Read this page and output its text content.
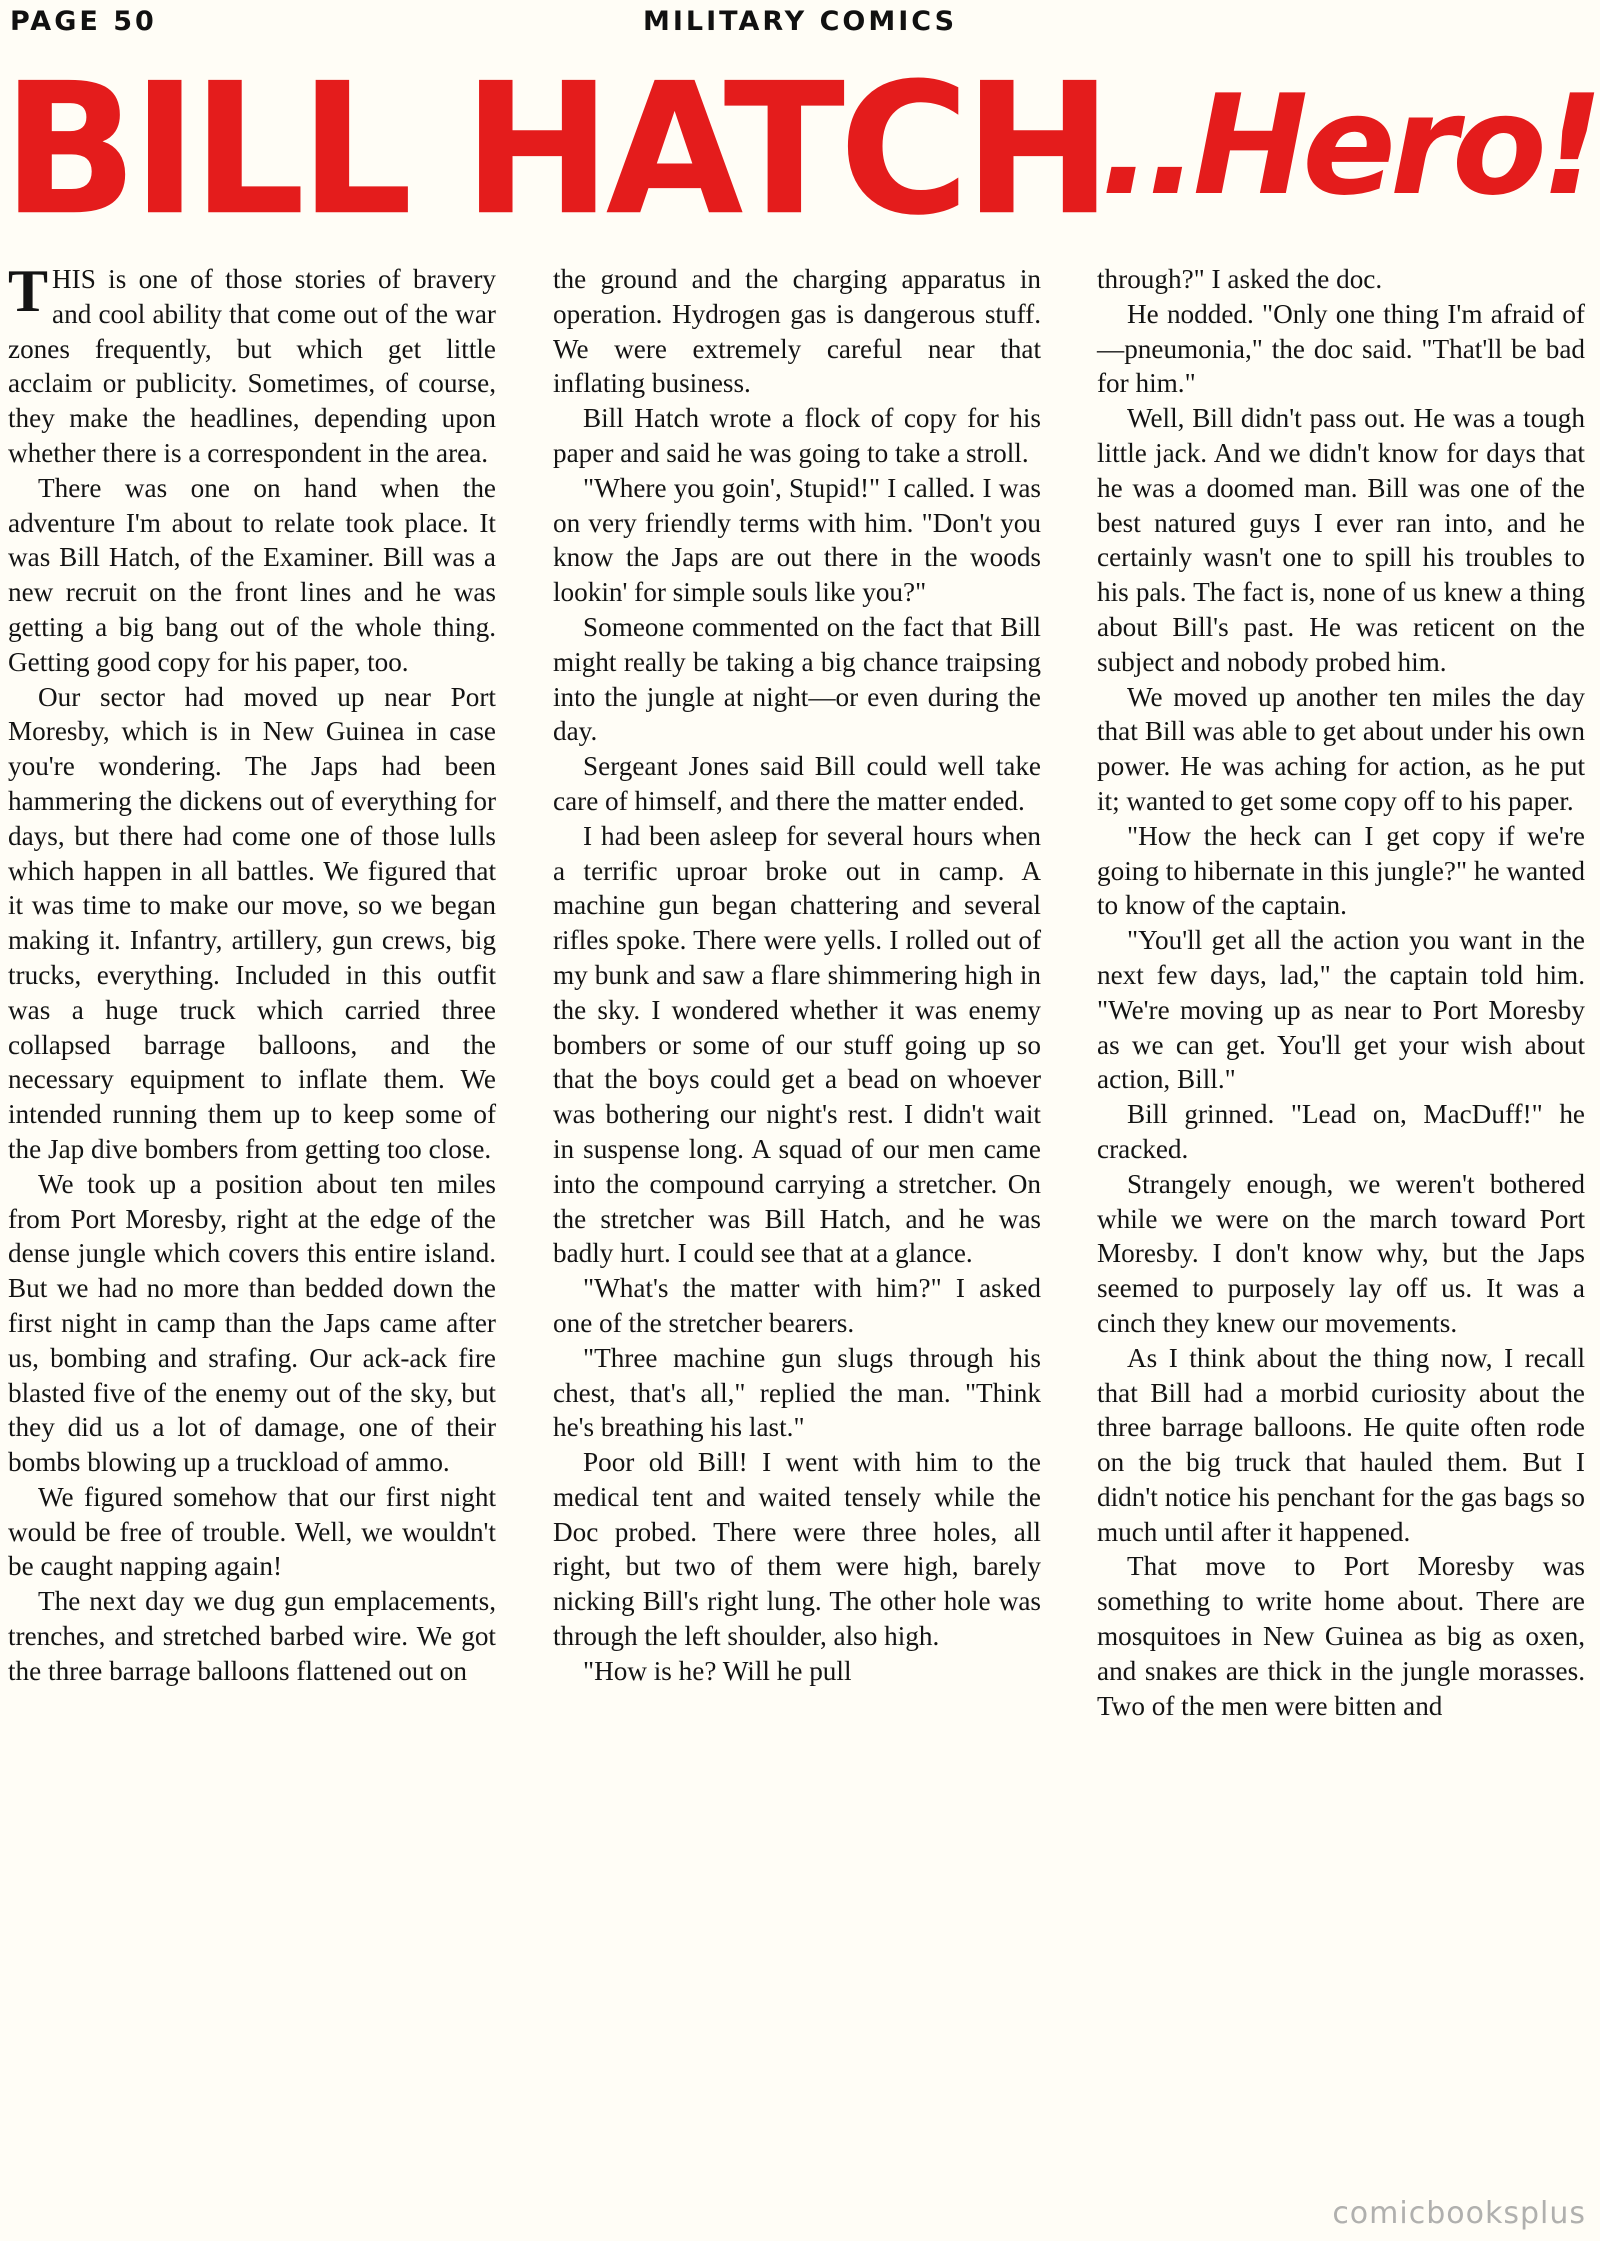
PAGE 50	MILITARY COMICS
BILL HATCH
..Hero!

THIS is one of those stories of bravery and cool ability that come out of the war zones frequently, but which get little acclaim or publicity. Sometimes, of course, they make the headlines, depending upon whether there is a correspondent in the area.

There was one on hand when the adventure I'm about to relate took place. It was Bill Hatch, of the Examiner. Bill was a new recruit on the front lines and he was getting a big bang out of the whole thing. Getting good copy for his paper, too.

Our sector had moved up near Port Moresby, which is in New Guinea in case you're wondering. The Japs had been hammering the dickens out of everything for days, but there had come one of those lulls which happen in all battles. We figured that it was time to make our move, so we began making it. Infantry, artillery, gun crews, big trucks, everything. Included in this outfit was a huge truck which carried three collapsed barrage balloons, and the necessary equipment to inflate them. We intended running them up to keep some of the Jap dive bombers from getting too close.

We took up a position about ten miles from Port Moresby, right at the edge of the dense jungle which covers this entire island. But we had no more than bedded down the first night in camp than the Japs came after us, bombing and strafing. Our ack-ack fire blasted five of the enemy out of the sky, but they did us a lot of damage, one of their bombs blowing up a truckload of ammo.

We figured somehow that our first night would be free of trouble. Well, we wouldn't be caught napping again!

The next day we dug gun emplacements, trenches, and stretched barbed wire. We got the three barrage balloons flattened out on

the ground and the charging apparatus in operation. Hydrogen gas is dangerous stuff. We were extremely careful near that inflating business.

Bill Hatch wrote a flock of copy for his paper and said he was going to take a stroll.

"Where you goin', Stupid!" I called. I was on very friendly terms with him. "Don't you know the Japs are out there in the woods lookin' for simple souls like you?"

Someone commented on the fact that Bill might really be taking a big chance traipsing into the jungle at night—or even during the day.

Sergeant Jones said Bill could well take care of himself, and there the matter ended.

I had been asleep for several hours when a terrific uproar broke out in camp. A machine gun began chattering and several rifles spoke. There were yells. I rolled out of my bunk and saw a flare shimmering high in the sky. I wondered whether it was enemy bombers or some of our stuff going up so that the boys could get a bead on whoever was bothering our night's rest. I didn't wait in suspense long. A squad of our men came into the compound carrying a stretcher. On the stretcher was Bill Hatch, and he was badly hurt. I could see that at a glance.

"What's the matter with him?" I asked one of the stretcher bearers.

"Three machine gun slugs through his chest, that's all," replied the man. "Think he's breathing his last."

Poor old Bill! I went with him to the medical tent and waited tensely while the Doc probed. There were three holes, all right, but two of them were high, barely nicking Bill's right lung. The other hole was through the left shoulder, also high.

"How is he? Will he pull

through?" I asked the doc.

He nodded. "Only one thing I'm afraid of—pneumonia," the doc said. "That'll be bad for him."

Well, Bill didn't pass out. He was a tough little jack. And we didn't know for days that he was a doomed man. Bill was one of the best natured guys I ever ran into, and he certainly wasn't one to spill his troubles to his pals. The fact is, none of us knew a thing about Bill's past. He was reticent on the subject and nobody probed him.

We moved up another ten miles the day that Bill was able to get about under his own power. He was aching for action, as he put it; wanted to get some copy off to his paper.

"How the heck can I get copy if we're going to hibernate in this jungle?" he wanted to know of the captain.

"You'll get all the action you want in the next few days, lad," the captain told him. "We're moving up as near to Port Moresby as we can get. You'll get your wish about action, Bill."

Bill grinned. "Lead on, MacDuff!" he cracked.

Strangely enough, we weren't bothered while we were on the march toward Port Moresby. I don't know why, but the Japs seemed to purposely lay off us. It was a cinch they knew our movements.

As I think about the thing now, I recall that Bill had a morbid curiosity about the three barrage balloons. He quite often rode on the big truck that hauled them. But I didn't notice his penchant for the gas bags so much until after it happened.

That move to Port Moresby was something to write home about. There are mosquitoes in New Guinea as big as oxen, and snakes are thick in the jungle morasses. Two of the men were bitten and

comicbooksplus
